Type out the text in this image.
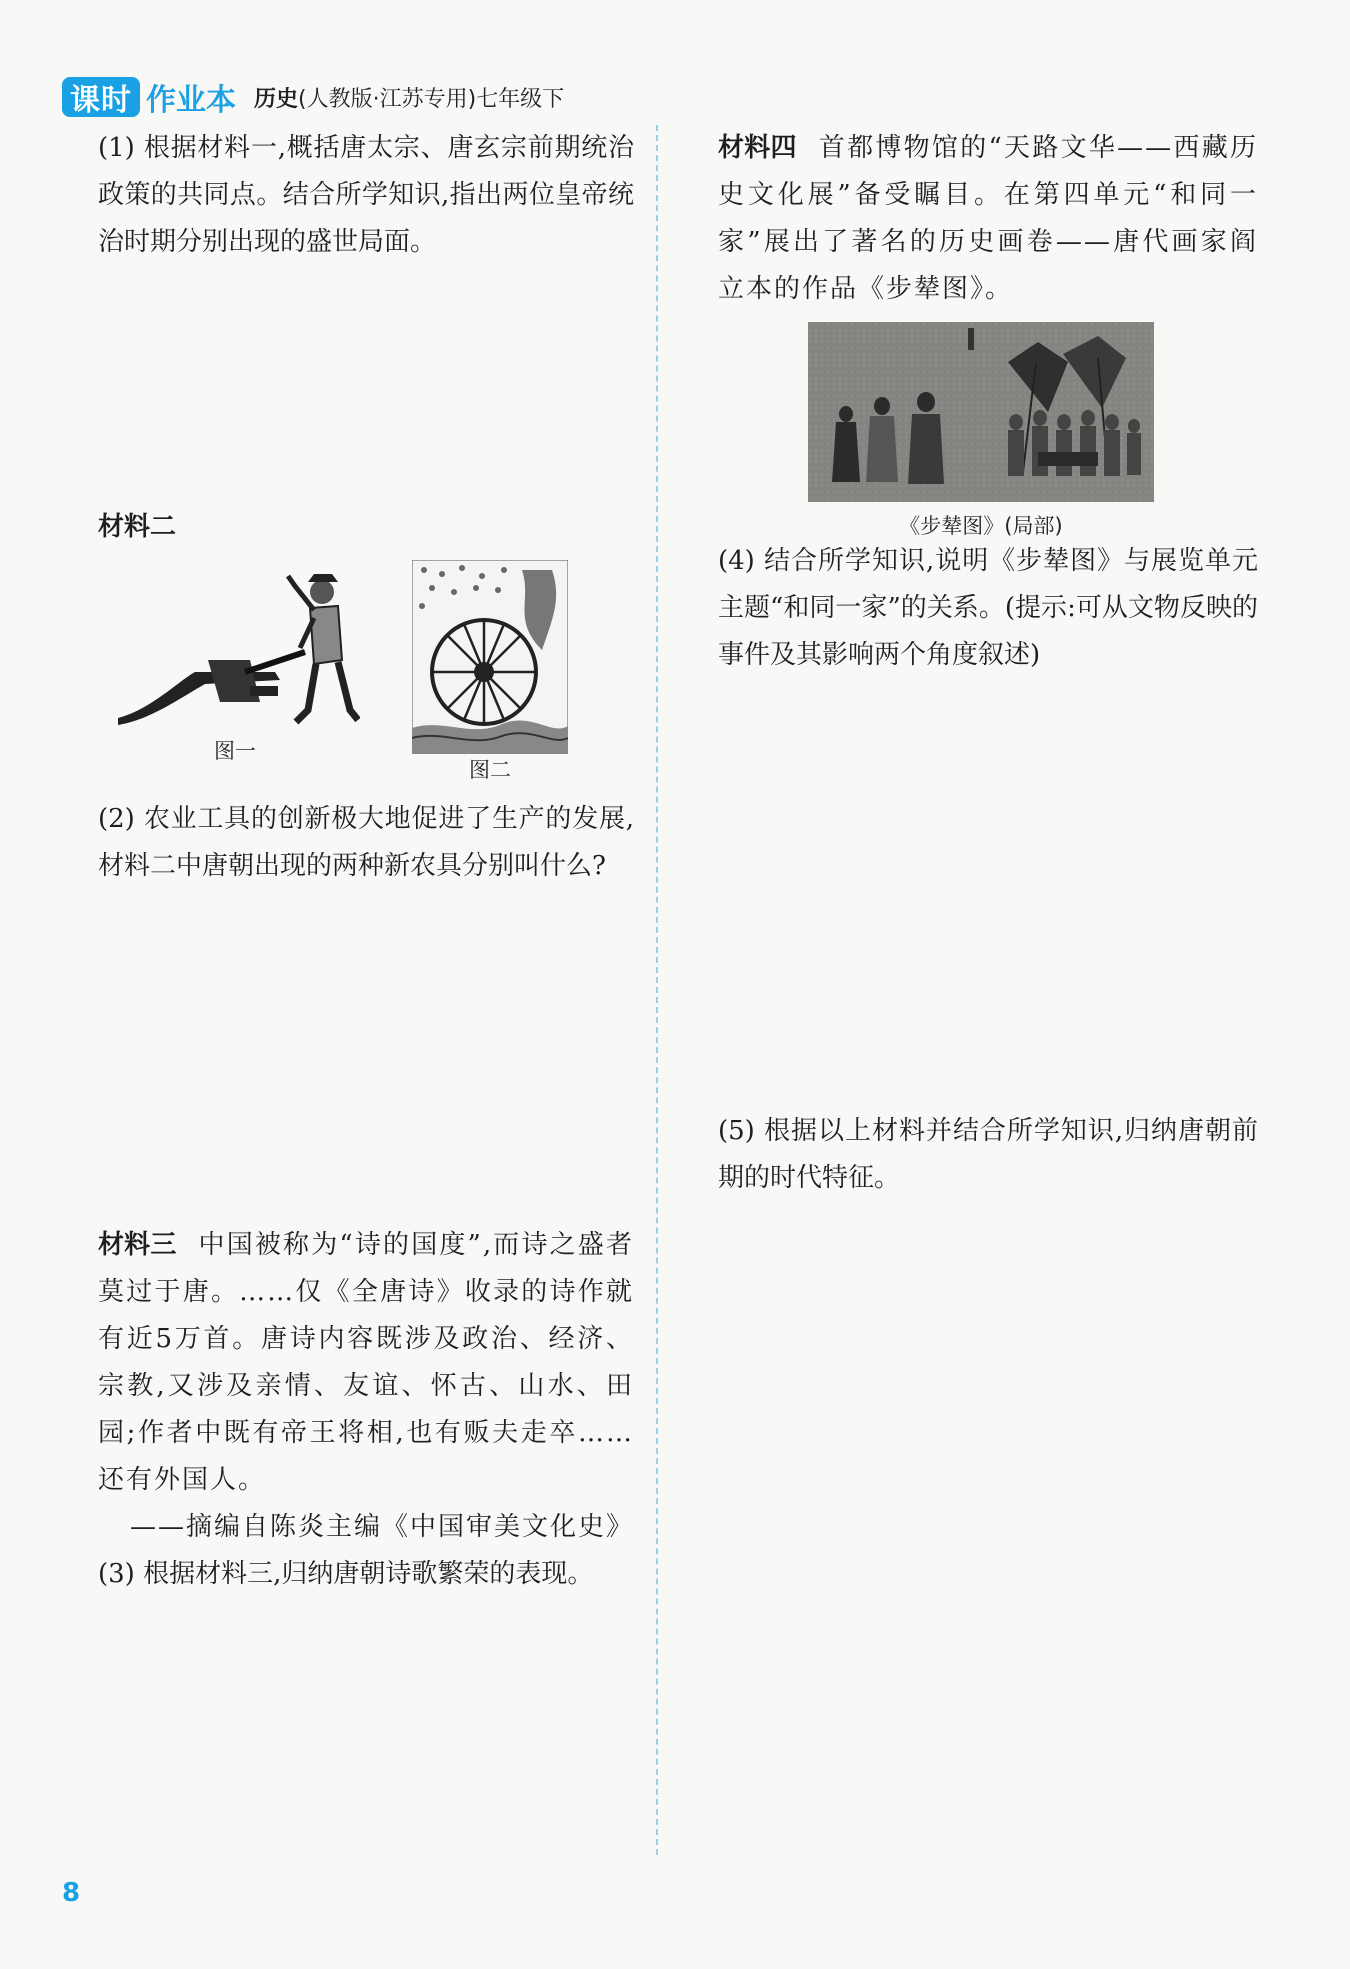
课时 作业本 历史 (人教版·江苏专用)七年级下

(1) 根据材料一,概括唐太宗、唐玄宗前期统治政策的共同点。结合所学知识,指出两位皇帝统治时期分别出现的盛世局面。

材料二

图一
图二

(2) 农业工具的创新极大地促进了生产的发展,材料二中唐朝出现的两种新农具分别叫什么?

材料三 中国被称为“诗的国度”,而诗之盛者莫过于唐。……仅《全唐诗》收录的诗作就有近5万首。唐诗内容既涉及政治、经济、宗教,又涉及亲情、友谊、怀古、山水、田园;作者中既有帝王将相,也有贩夫走卒……还有外国人。

——摘编自陈炎主编《中国审美文化史》

(3) 根据材料三,归纳唐朝诗歌繁荣的表现。

材料四 首都博物馆的“天路文华——西藏历史文化展”备受瞩目。在第四单元“和同一家”展出了著名的历史画卷——唐代画家阎立本的作品《步辇图》。

《步辇图》(局部)

(4) 结合所学知识,说明《步辇图》与展览单元主题“和同一家”的关系。(提示:可从文物反映的事件及其影响两个角度叙述)

(5) 根据以上材料并结合所学知识,归纳唐朝前期的时代特征。

8
